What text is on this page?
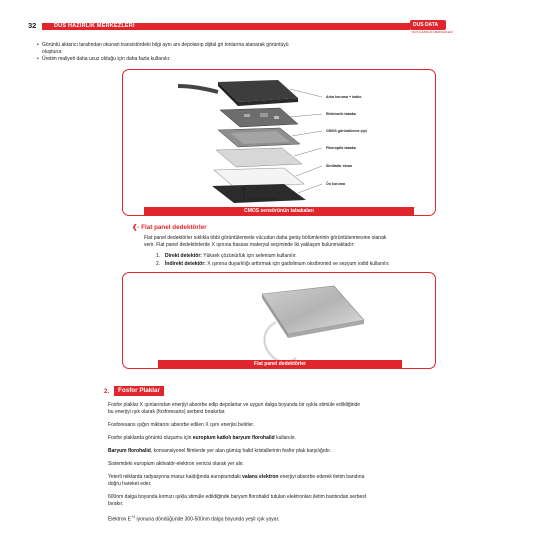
32	DUS HAZIRLIK MERKEZLERİ	DUS DATA
DUS HAZIRLIK MERKEZLERİ
• Görüntü aktarıcı tarafından okunan transistördeki bilgi aynı anı depolanıp dijital gri tonlarına atanarak görüntüyü
oluşturur.
• Üretim maliyeti daha ucuz olduğu için daha fazla kullanılır.
Arka koruma + kablo
Elektronik tabaka
CMOS görüntüleme çipi
Fiberoptik tabaka
Sintilatör ekran
Ön koruma
X ışınlarının yönü
CMOS sensörünün tabakaları
❮- Flat panel dedektörler
Flat panel dedektörler sıklıkla tıbbi görüntülemede vücudun daha geniş bölümlerinin görüntülenmesine olanak
verir. Flat panel dedektörlerde X ışınına hassas materyal seçiminde iki yaklaşım bulunmaktadır:
1. Direkt detektör: Yüksek çözünürlük için selenium kullanılır.
2. İndirekt detektör: X ışınına duyarlılığı arttırmak için gadolinium oksibromid ve sezyum iodid kullanılır.
Flat panel dedektörler
2.	Fosfor Plaklar
Fosfor plaklar X ışınlarından enerjiyi absorbe edip depolarlar ve uygun dalga boyunda bir ışıkla stimüle edildiğinde
bu enerjiyi ışık olarak (fosforesans) serbest bırakırlar.
Fosforesans ışığın miktarını absorbe edilen X ışını enerjisi belirler.
Fosfor plaklarda görüntü oluşumu için europium katkılı baryum florohalid kullanılır.
Baryum florohalid, konvansiyonel filmlerde yer alan gümüş halid kristallerinin fosfor plak karşılığıdır.
Sistemdeki europium aktivatör-elektron vericisi olarak yer alır.
Yeterli miktarda radyasyona maruz kaldığında europiumdaki valans elektron enerjiyi absorbe ederek iletim bandına
doğru hareket eder.
600nm dalga boyunda kırmızı ışıkla stimüle edildiğinde baryum florohalid tutulan elektronları iletim bantından serbest
bırakır.
Elektron $E^{+3}$ iyonuna döndüğünde 300-500nm dalga boyunda yeşil ışık yayar.
